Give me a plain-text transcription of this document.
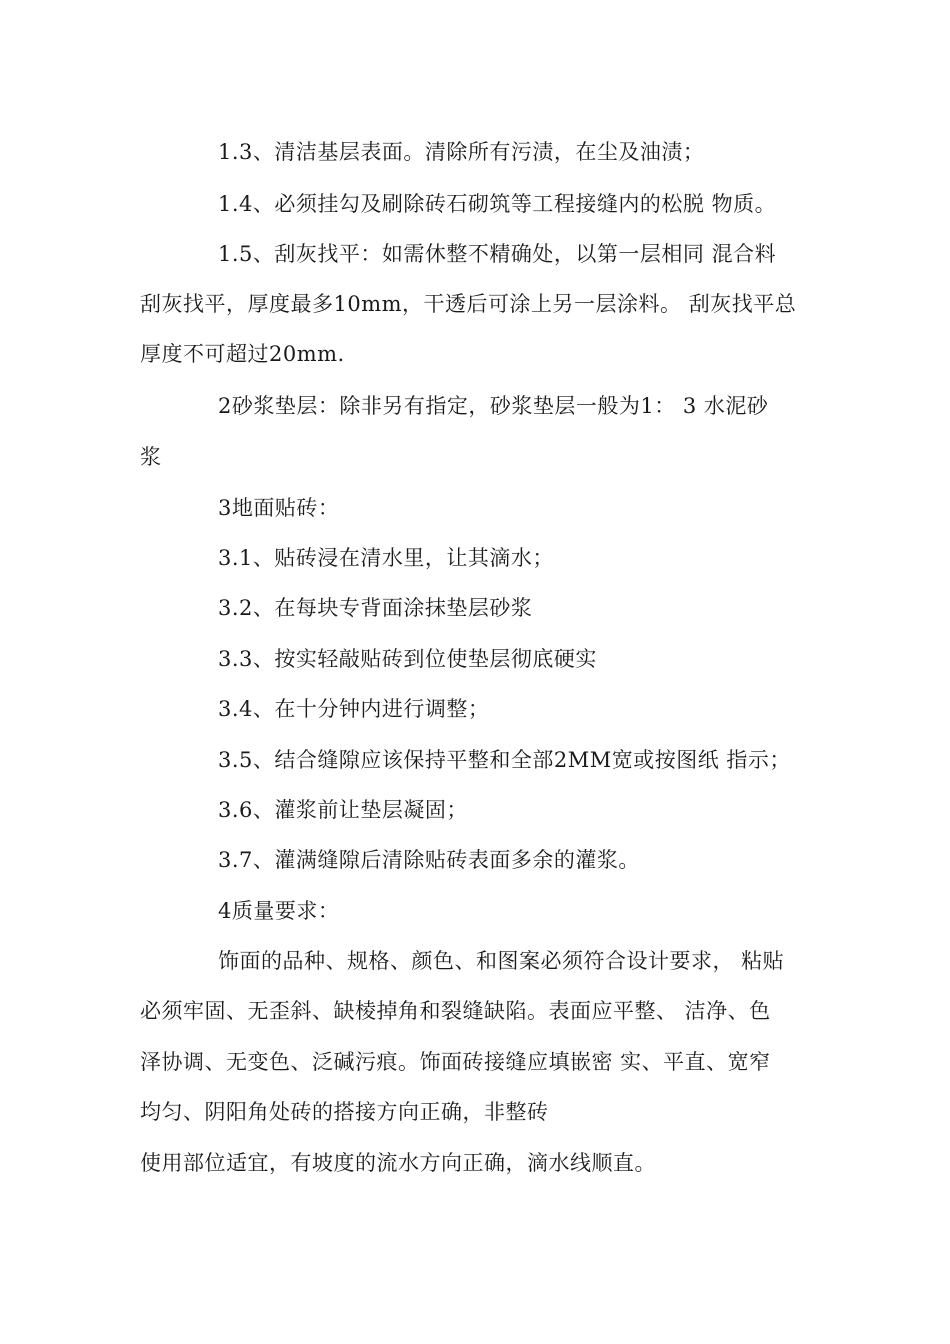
1.3、清洁基层表面。清除所有污渍，在尘及油渍；
1.4、必须挂勾及刷除砖石砌筑等工程接缝内的松脱 物质。
1.5、刮灰找平：如需休整不精确处，以第一层相同 混合料
刮灰找平，厚度最多10mm，干透后可涂上另一层涂料。 刮灰找平总
厚度不可超过20mm.
2砂浆垫层：除非另有指定，砂浆垫层一般为1： 3 水泥砂
浆
3地面贴砖：
3.1、贴砖浸在清水里，让其滴水；
3.2、在每块专背面涂抹垫层砂浆
3.3、按实轻敲贴砖到位使垫层彻底硬实
3.4、在十分钟内进行调整；
3.5、结合缝隙应该保持平整和全部2MM宽或按图纸 指示；
3.6、灌浆前让垫层凝固；
3.7、灌满缝隙后清除贴砖表面多余的灌浆。
4质量要求：
饰面的品种、规格、颜色、和图案必须符合设计要求， 粘贴
必须牢固、无歪斜、缺棱掉角和裂缝缺陷。表面应平整、 洁净、色
泽协调、无变色、泛碱污痕。饰面砖接缝应填嵌密 实、平直、宽窄
均匀、阴阳角处砖的搭接方向正确，非整砖
使用部位适宜，有坡度的流水方向正确，滴水线顺直。
